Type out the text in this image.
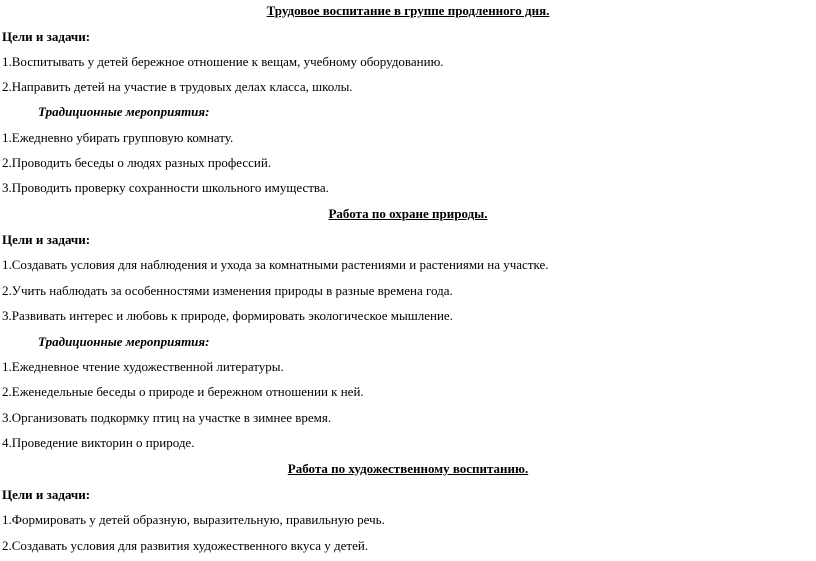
Трудовое воспитание в группе продленного дня.
Цели и задачи:
1.Воспитывать у детей бережное отношение к вещам, учебному оборудованию.
2.Направить детей на участие в трудовых делах класса, школы.
Традиционные мероприятия:
1.Ежедневно убирать групповую комнату.
2.Проводить беседы о людях разных профессий.
3.Проводить проверку сохранности школьного имущества.
Работа по охране природы.
Цели и задачи:
1.Создавать условия для наблюдения и ухода за комнатными растениями и растениями на участке.
2.Учить наблюдать за особенностями изменения природы в разные времена года.
3.Развивать интерес и любовь к природе, формировать экологическое мышление.
Традиционные мероприятия:
1.Ежедневное чтение художественной литературы.
2.Еженедельные беседы о природе и бережном отношении к ней.
3.Организовать подкормку птиц на участке в зимнее время.
4.Проведение викторин о природе.
Работа по художественному воспитанию.
Цели и задачи:
1.Формировать у детей образную, выразительную, правильную речь.
2.Создавать условия для развития художественного вкуса у детей.
